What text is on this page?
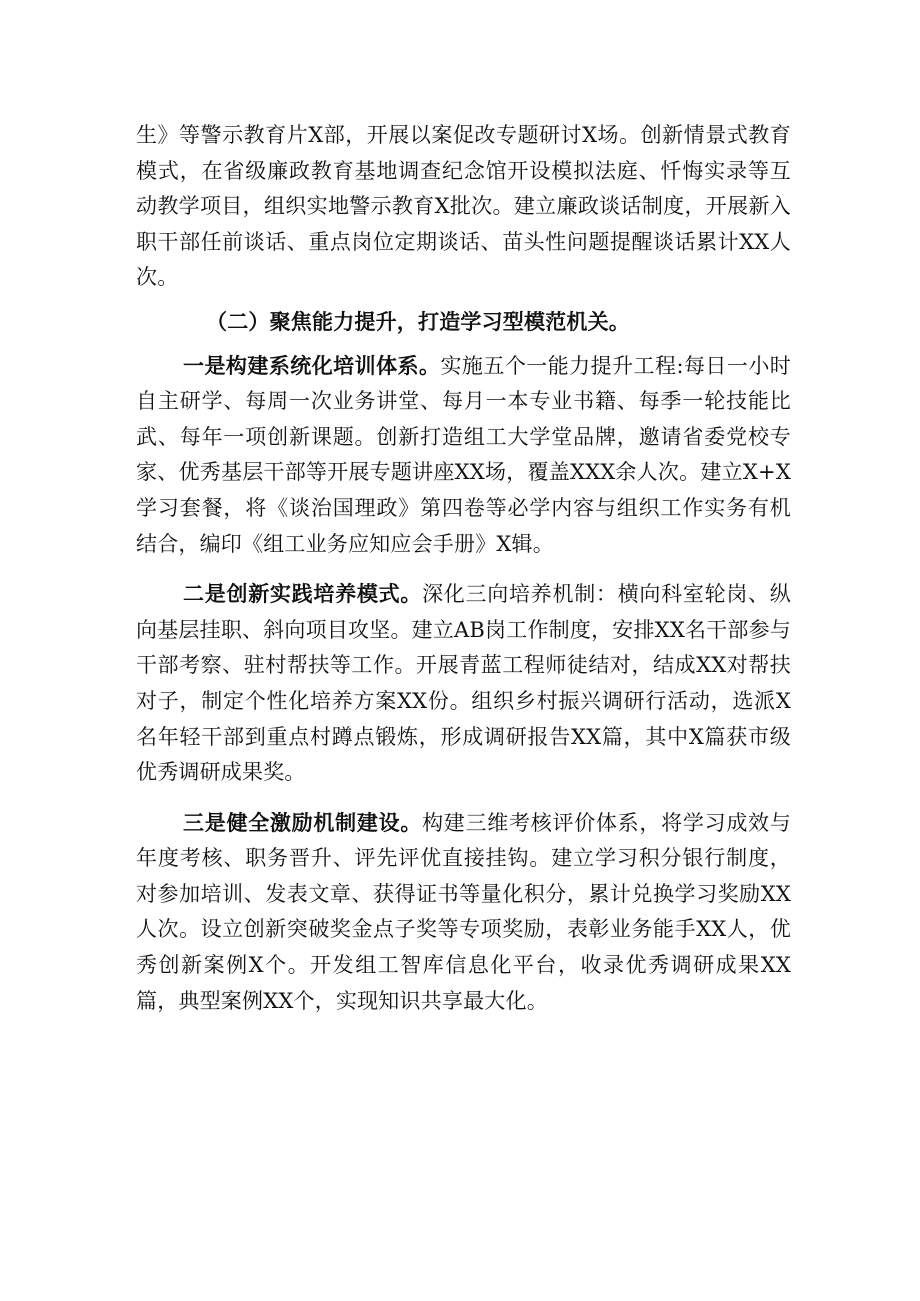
生》等警示教育片X部，开展以案促改专题研讨X场。创新情景式教育模式，在省级廉政教育基地调查纪念馆开设模拟法庭、忏悔实录等互动教学项目，组织实地警示教育X批次。建立廉政谈话制度，开展新入职干部任前谈话、重点岗位定期谈话、苗头性问题提醒谈话累计XX人次。

（二）聚焦能力提升，打造学习型模范机关。

一是构建系统化培训体系。实施五个一能力提升工程:每日一小时自主研学、每周一次业务讲堂、每月一本专业书籍、每季一轮技能比武、每年一项创新课题。创新打造组工大学堂品牌，邀请省委党校专家、优秀基层干部等开展专题讲座XX场，覆盖XXX余人次。建立X+X学习套餐，将《谈治国理政》第四卷等必学内容与组织工作实务有机结合，编印《组工业务应知应会手册》X辑。

二是创新实践培养模式。深化三向培养机制：横向科室轮岗、纵向基层挂职、斜向项目攻坚。建立AB岗工作制度，安排XX名干部参与干部考察、驻村帮扶等工作。开展青蓝工程师徒结对，结成XX对帮扶对子，制定个性化培养方案XX份。组织乡村振兴调研行活动，选派X名年轻干部到重点村蹲点锻炼，形成调研报告XX篇，其中X篇获市级优秀调研成果奖。

三是健全激励机制建设。构建三维考核评价体系，将学习成效与年度考核、职务晋升、评先评优直接挂钩。建立学习积分银行制度，对参加培训、发表文章、获得证书等量化积分，累计兑换学习奖励XX人次。设立创新突破奖金点子奖等专项奖励，表彰业务能手XX人，优秀创新案例X个。开发组工智库信息化平台，收录优秀调研成果XX篇，典型案例XX个，实现知识共享最大化。
